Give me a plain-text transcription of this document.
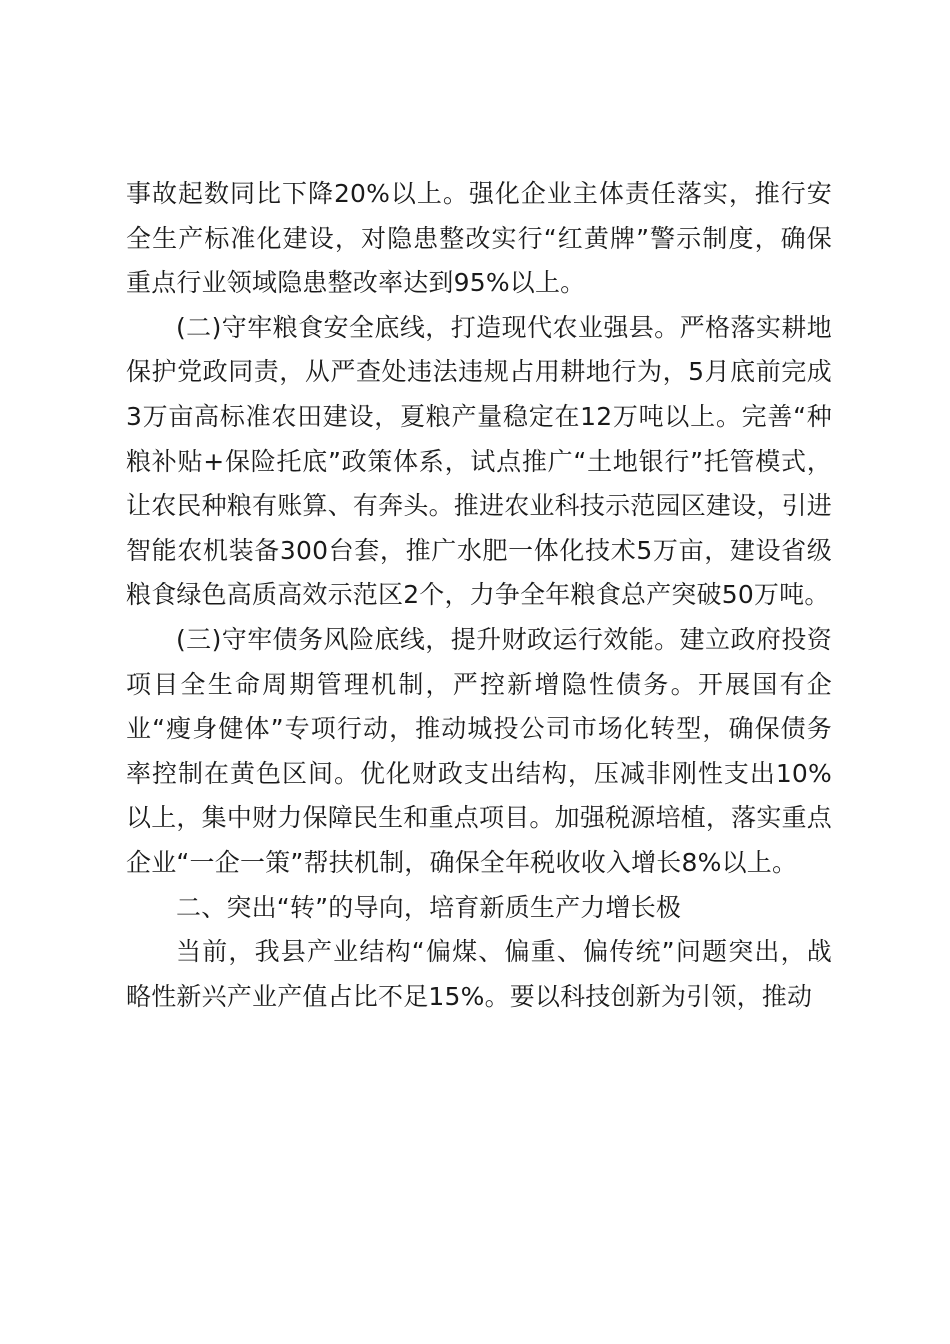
事故起数同比下降20%以上。强化企业主体责任落实，推行安全生产标准化建设，对隐患整改实行“红黄牌”警示制度，确保重点行业领域隐患整改率达到95%以上。

(二)守牢粮食安全底线，打造现代农业强县。严格落实耕地保护党政同责，从严查处违法违规占用耕地行为，5月底前完成3万亩高标准农田建设，夏粮产量稳定在12万吨以上。完善“种粮补贴+保险托底”政策体系，试点推广“土地银行”托管模式，让农民种粮有账算、有奔头。推进农业科技示范园区建设，引进智能农机装备300台套，推广水肥一体化技术5万亩，建设省级粮食绿色高质高效示范区2个，力争全年粮食总产突破50万吨。

(三)守牢债务风险底线，提升财政运行效能。建立政府投资项目全生命周期管理机制，严控新增隐性债务。开展国有企业“瘦身健体”专项行动，推动城投公司市场化转型，确保债务率控制在黄色区间。优化财政支出结构，压减非刚性支出10%以上，集中财力保障民生和重点项目。加强税源培植，落实重点企业“一企一策”帮扶机制，确保全年税收收入增长8%以上。

二、突出“转”的导向，培育新质生产力增长极

当前，我县产业结构“偏煤、偏重、偏传统”问题突出，战略性新兴产业产值占比不足15%。要以科技创新为引领，推动
